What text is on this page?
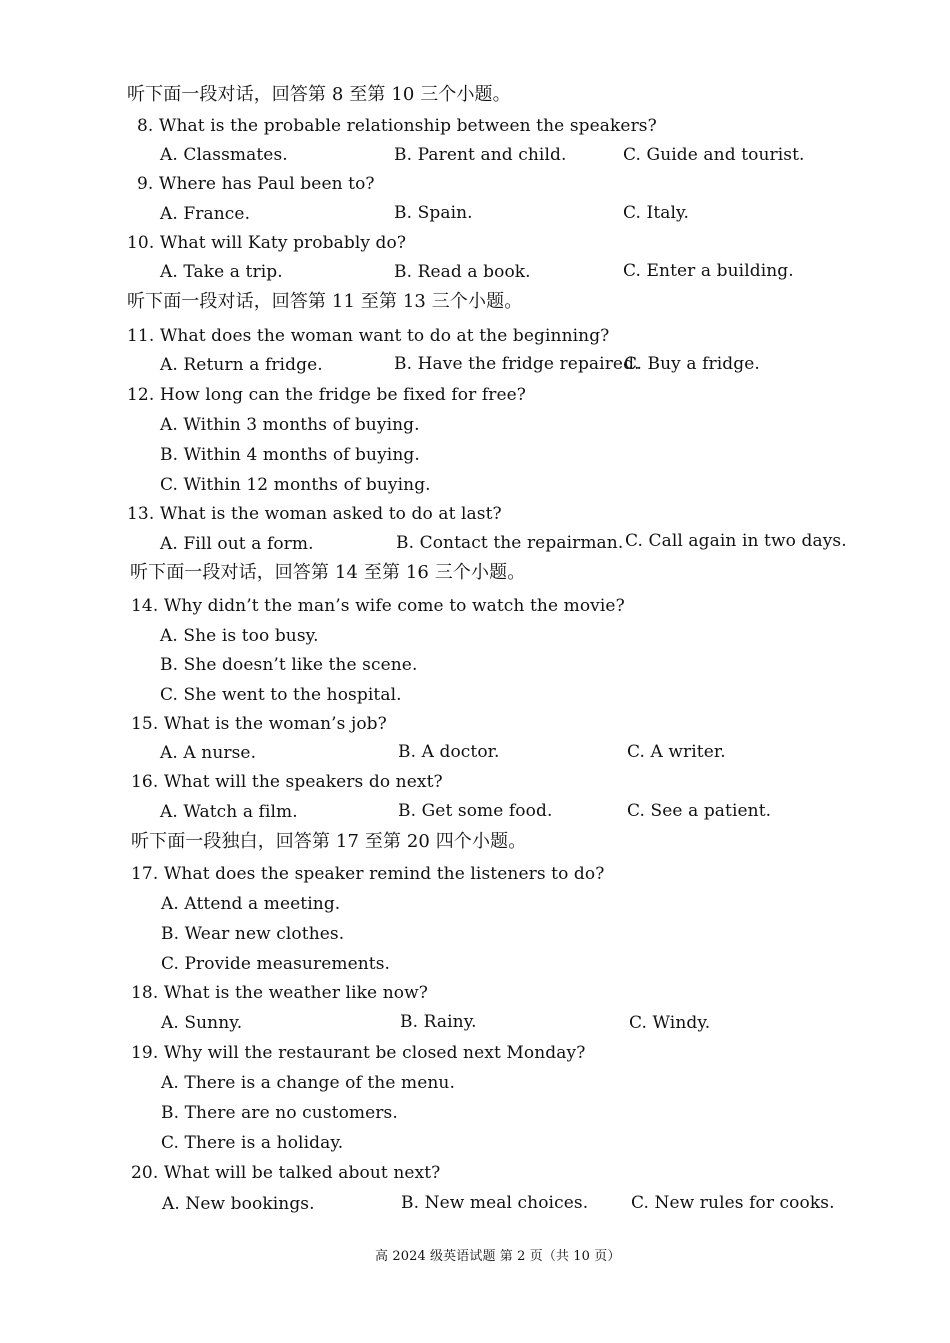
听下面一段对话，回答第 8 至第 10 三个小题。
8. What is the probable relationship between the speakers?
A. Classmates.	B. Parent and child.	C. Guide and tourist.
9. Where has Paul been to?
A. France.	B. Spain.	C. Italy.
10. What will Katy probably do?
A. Take a trip.	B. Read a book.	C. Enter a building.
听下面一段对话，回答第 11 至第 13 三个小题。
11. What does the woman want to do at the beginning?
A. Return a fridge.	B. Have the fridge repaired.
C. Buy a fridge.
12. How long can the fridge be fixed for free?
A. Within 3 months of buying.
B. Within 4 months of buying.
C. Within 12 months of buying.
13. What is the woman asked to do at last?
A. Fill out a form.	B. Contact the repairman. C. Call again in two days.
听下面一段对话，回答第 14 至第 16 三个小题。
14. Why didn’t the man’s wife come to watch the movie?
A. She is too busy.
B. She doesn’t like the scene.
C. She went to the hospital.
15. What is the woman’s job?
A. A nurse.	B. A doctor.	C. A writer.
16. What will the speakers do next?
A. Watch a film.	B. Get some food.	C. See a patient.
听下面一段独白，回答第 17 至第 20 四个小题。
17. What does the speaker remind the listeners to do?
A. Attend a meeting.
B. Wear new clothes.
C. Provide measurements.
18. What is the weather like now?
A. Sunny.	B. Rainy.	C. Windy.
19. Why will the restaurant be closed next Monday?
A. There is a change of the menu.
B. There are no customers.
C. There is a holiday.
20. What will be talked about next?
A. New bookings.	B. New meal choices.	C. New rules for cooks.
高 2024 级英语试题 第 2 页（共 10 页）
